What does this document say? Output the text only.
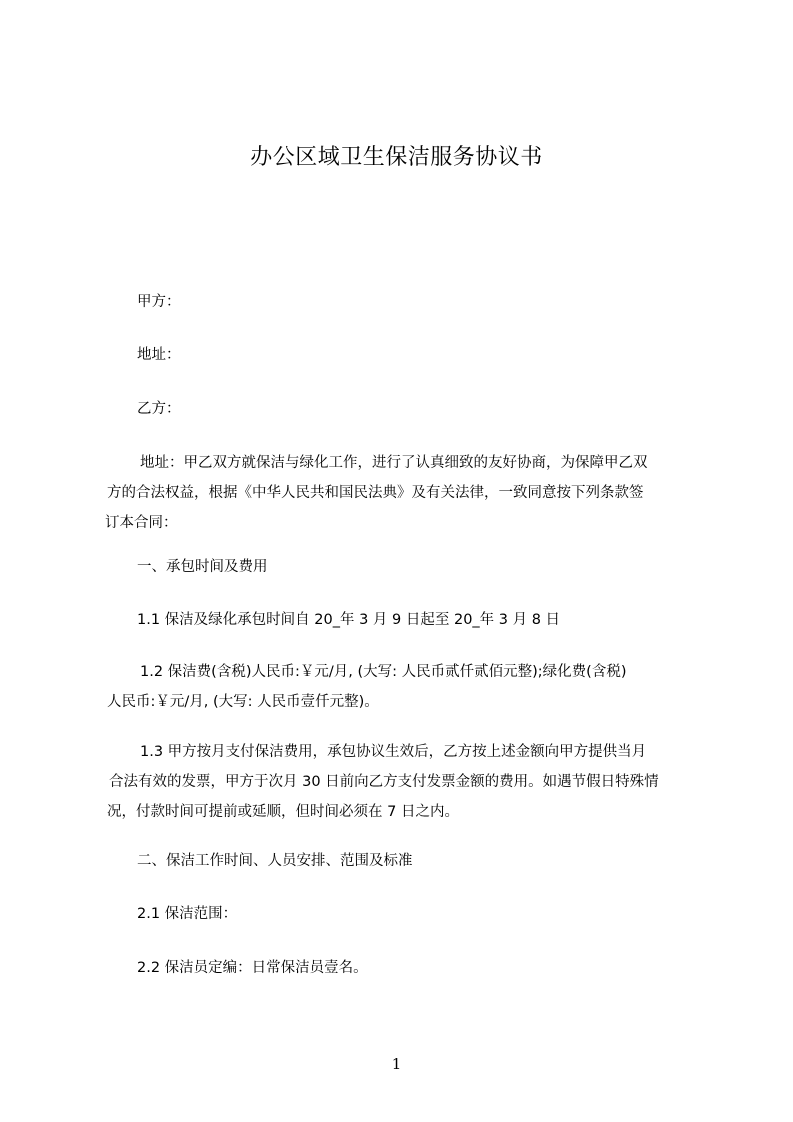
办公区域卫生保洁服务协议书
甲方：
地址：
乙方：
地址：甲乙双方就保洁与绿化工作，进行了认真细致的友好协商，为保障甲乙双
方的合法权益，根据《中华人民共和国民法典》及有关法律，一致同意按下列条款签
订本合同：
一、承包时间及费用
1.1 保洁及绿化承包时间自 20_年 3 月 9 日起至 20_年 3 月 8 日
1.2 保洁费(含税)人民币:￥元/月, (大写: 人民币贰仟贰佰元整);绿化费(含税)
人民币:￥元/月, (大写: 人民币壹仟元整)。
1.3 甲方按月支付保洁费用，承包协议生效后，乙方按上述金额向甲方提供当月
合法有效的发票，甲方于次月 30 日前向乙方支付发票金额的费用。如遇节假日特殊情
况，付款时间可提前或延顺，但时间必须在 7 日之内。
二、保洁工作时间、人员安排、范围及标准
2.1 保洁范围：
2.2 保洁员定编：日常保洁员壹名。
1
